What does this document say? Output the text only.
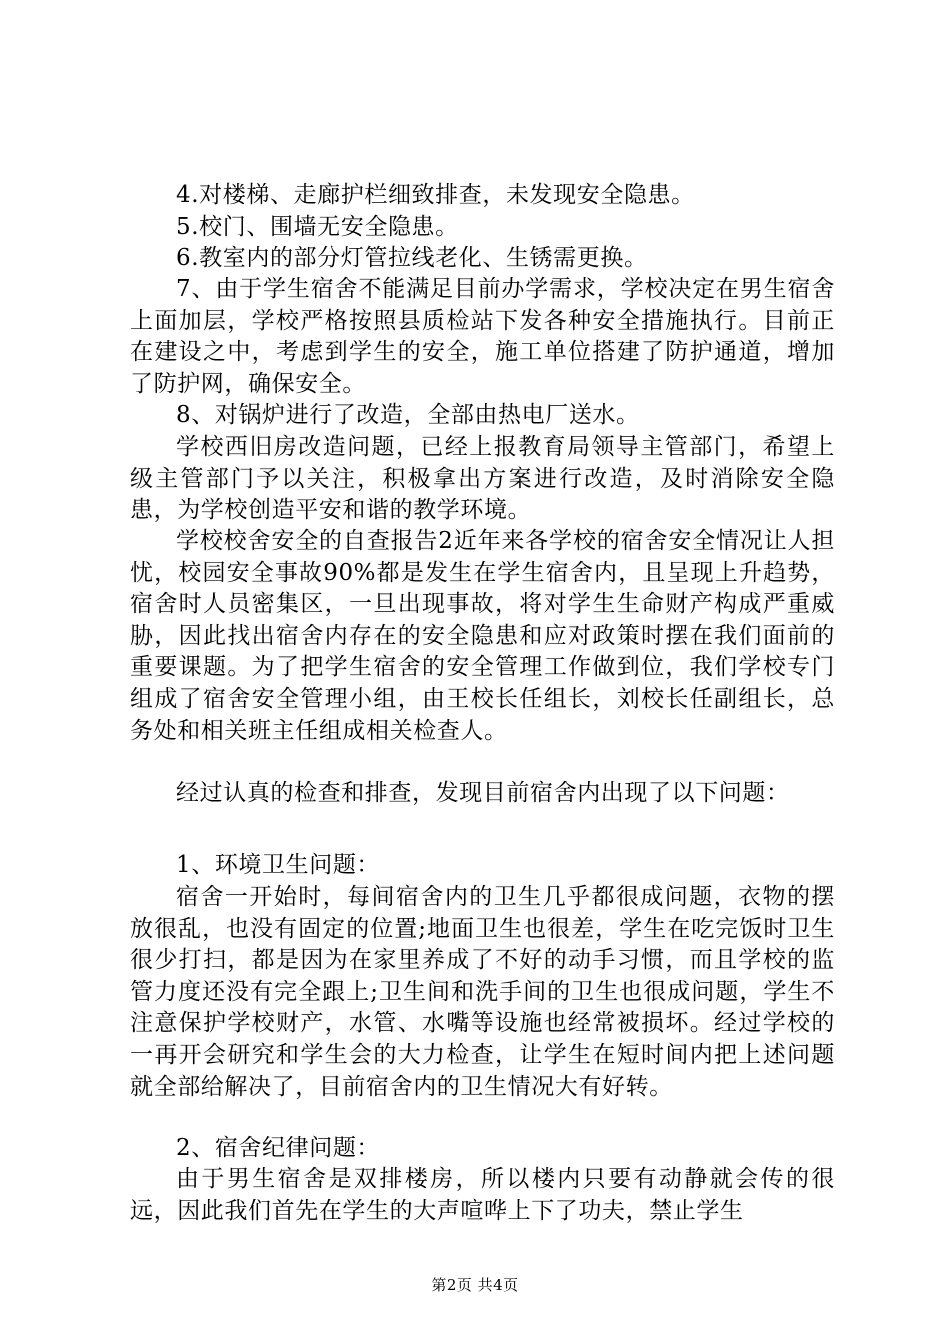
4.对楼梯、走廊护栏细致排查，未发现安全隐患。

5.校门、围墙无安全隐患。

6.教室内的部分灯管拉线老化、生锈需更换。

7、由于学生宿舍不能满足目前办学需求，学校决定在男生宿舍上面加层，学校严格按照县质检站下发各种安全措施执行。目前正在建设之中，考虑到学生的安全，施工单位搭建了防护通道，增加了防护网，确保安全。

8、对锅炉进行了改造，全部由热电厂送水。

学校西旧房改造问题，已经上报教育局领导主管部门，希望上级主管部门予以关注，积极拿出方案进行改造，及时消除安全隐患，为学校创造平安和谐的教学环境。

学校校舍安全的自查报告2近年来各学校的宿舍安全情况让人担忧，校园安全事故90%都是发生在学生宿舍内，且呈现上升趋势，宿舍时人员密集区，一旦出现事故，将对学生生命财产构成严重威胁，因此找出宿舍内存在的安全隐患和应对政策时摆在我们面前的重要课题。为了把学生宿舍的安全管理工作做到位，我们学校专门组成了宿舍安全管理小组，由王校长任组长，刘校长任副组长，总务处和相关班主任组成相关检查人。

经过认真的检查和排查，发现目前宿舍内出现了以下问题：

1、环境卫生问题：

宿舍一开始时，每间宿舍内的卫生几乎都很成问题，衣物的摆放很乱，也没有固定的位置;地面卫生也很差，学生在吃完饭时卫生很少打扫，都是因为在家里养成了不好的动手习惯，而且学校的监管力度还没有完全跟上;卫生间和洗手间的卫生也很成问题，学生不注意保护学校财产，水管、水嘴等设施也经常被损坏。经过学校的一再开会研究和学生会的大力检查，让学生在短时间内把上述问题就全部给解决了，目前宿舍内的卫生情况大有好转。

2、宿舍纪律问题：

由于男生宿舍是双排楼房，所以楼内只要有动静就会传的很远，因此我们首先在学生的大声喧哗上下了功夫，禁止学生

第2页 共4页
